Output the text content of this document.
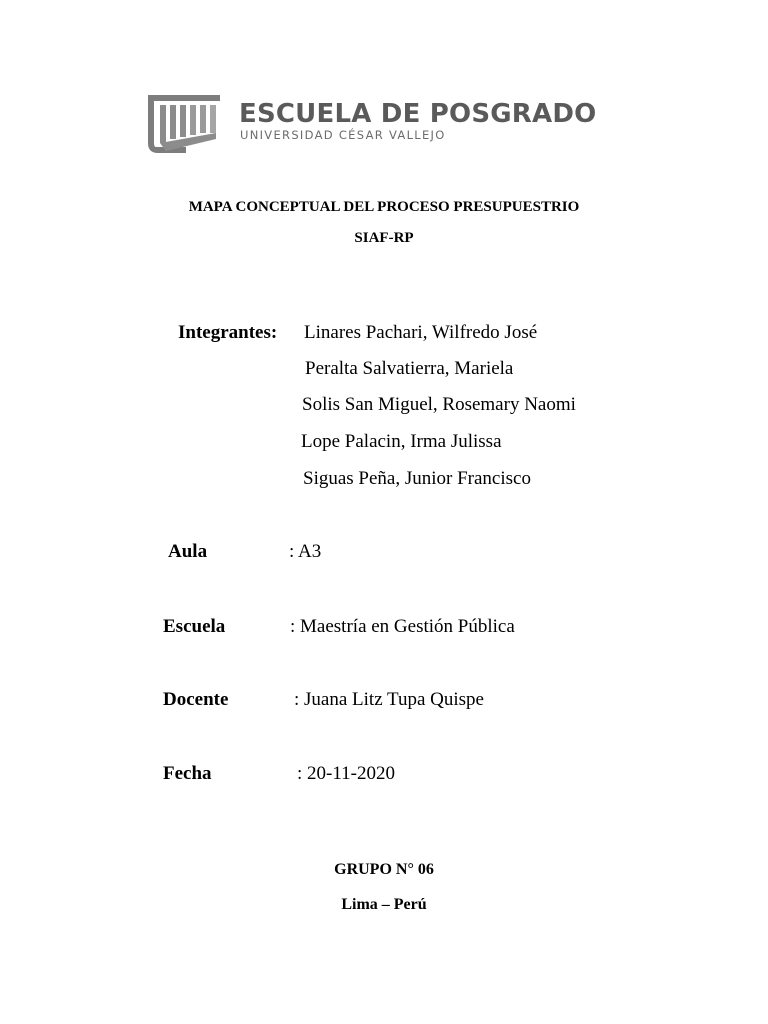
ESCUELA DE POSGRADO
UNIVERSIDAD CÉSAR VALLEJO
MAPA CONCEPTUAL DEL PROCESO PRESUPUESTRIO
SIAF-RP
Integrantes: Linares Pachari, Wilfredo José
Peralta Salvatierra, Mariela
Solis San Miguel, Rosemary Naomi
Lope Palacin, Irma Julissa
Siguas Peña, Junior Francisco
Aula	: A3
Escuela	: Maestría en Gestión Pública
Docente	: Juana Litz Tupa Quispe
Fecha	: 20-11-2020
GRUPO N° 06
Lima – Perú
